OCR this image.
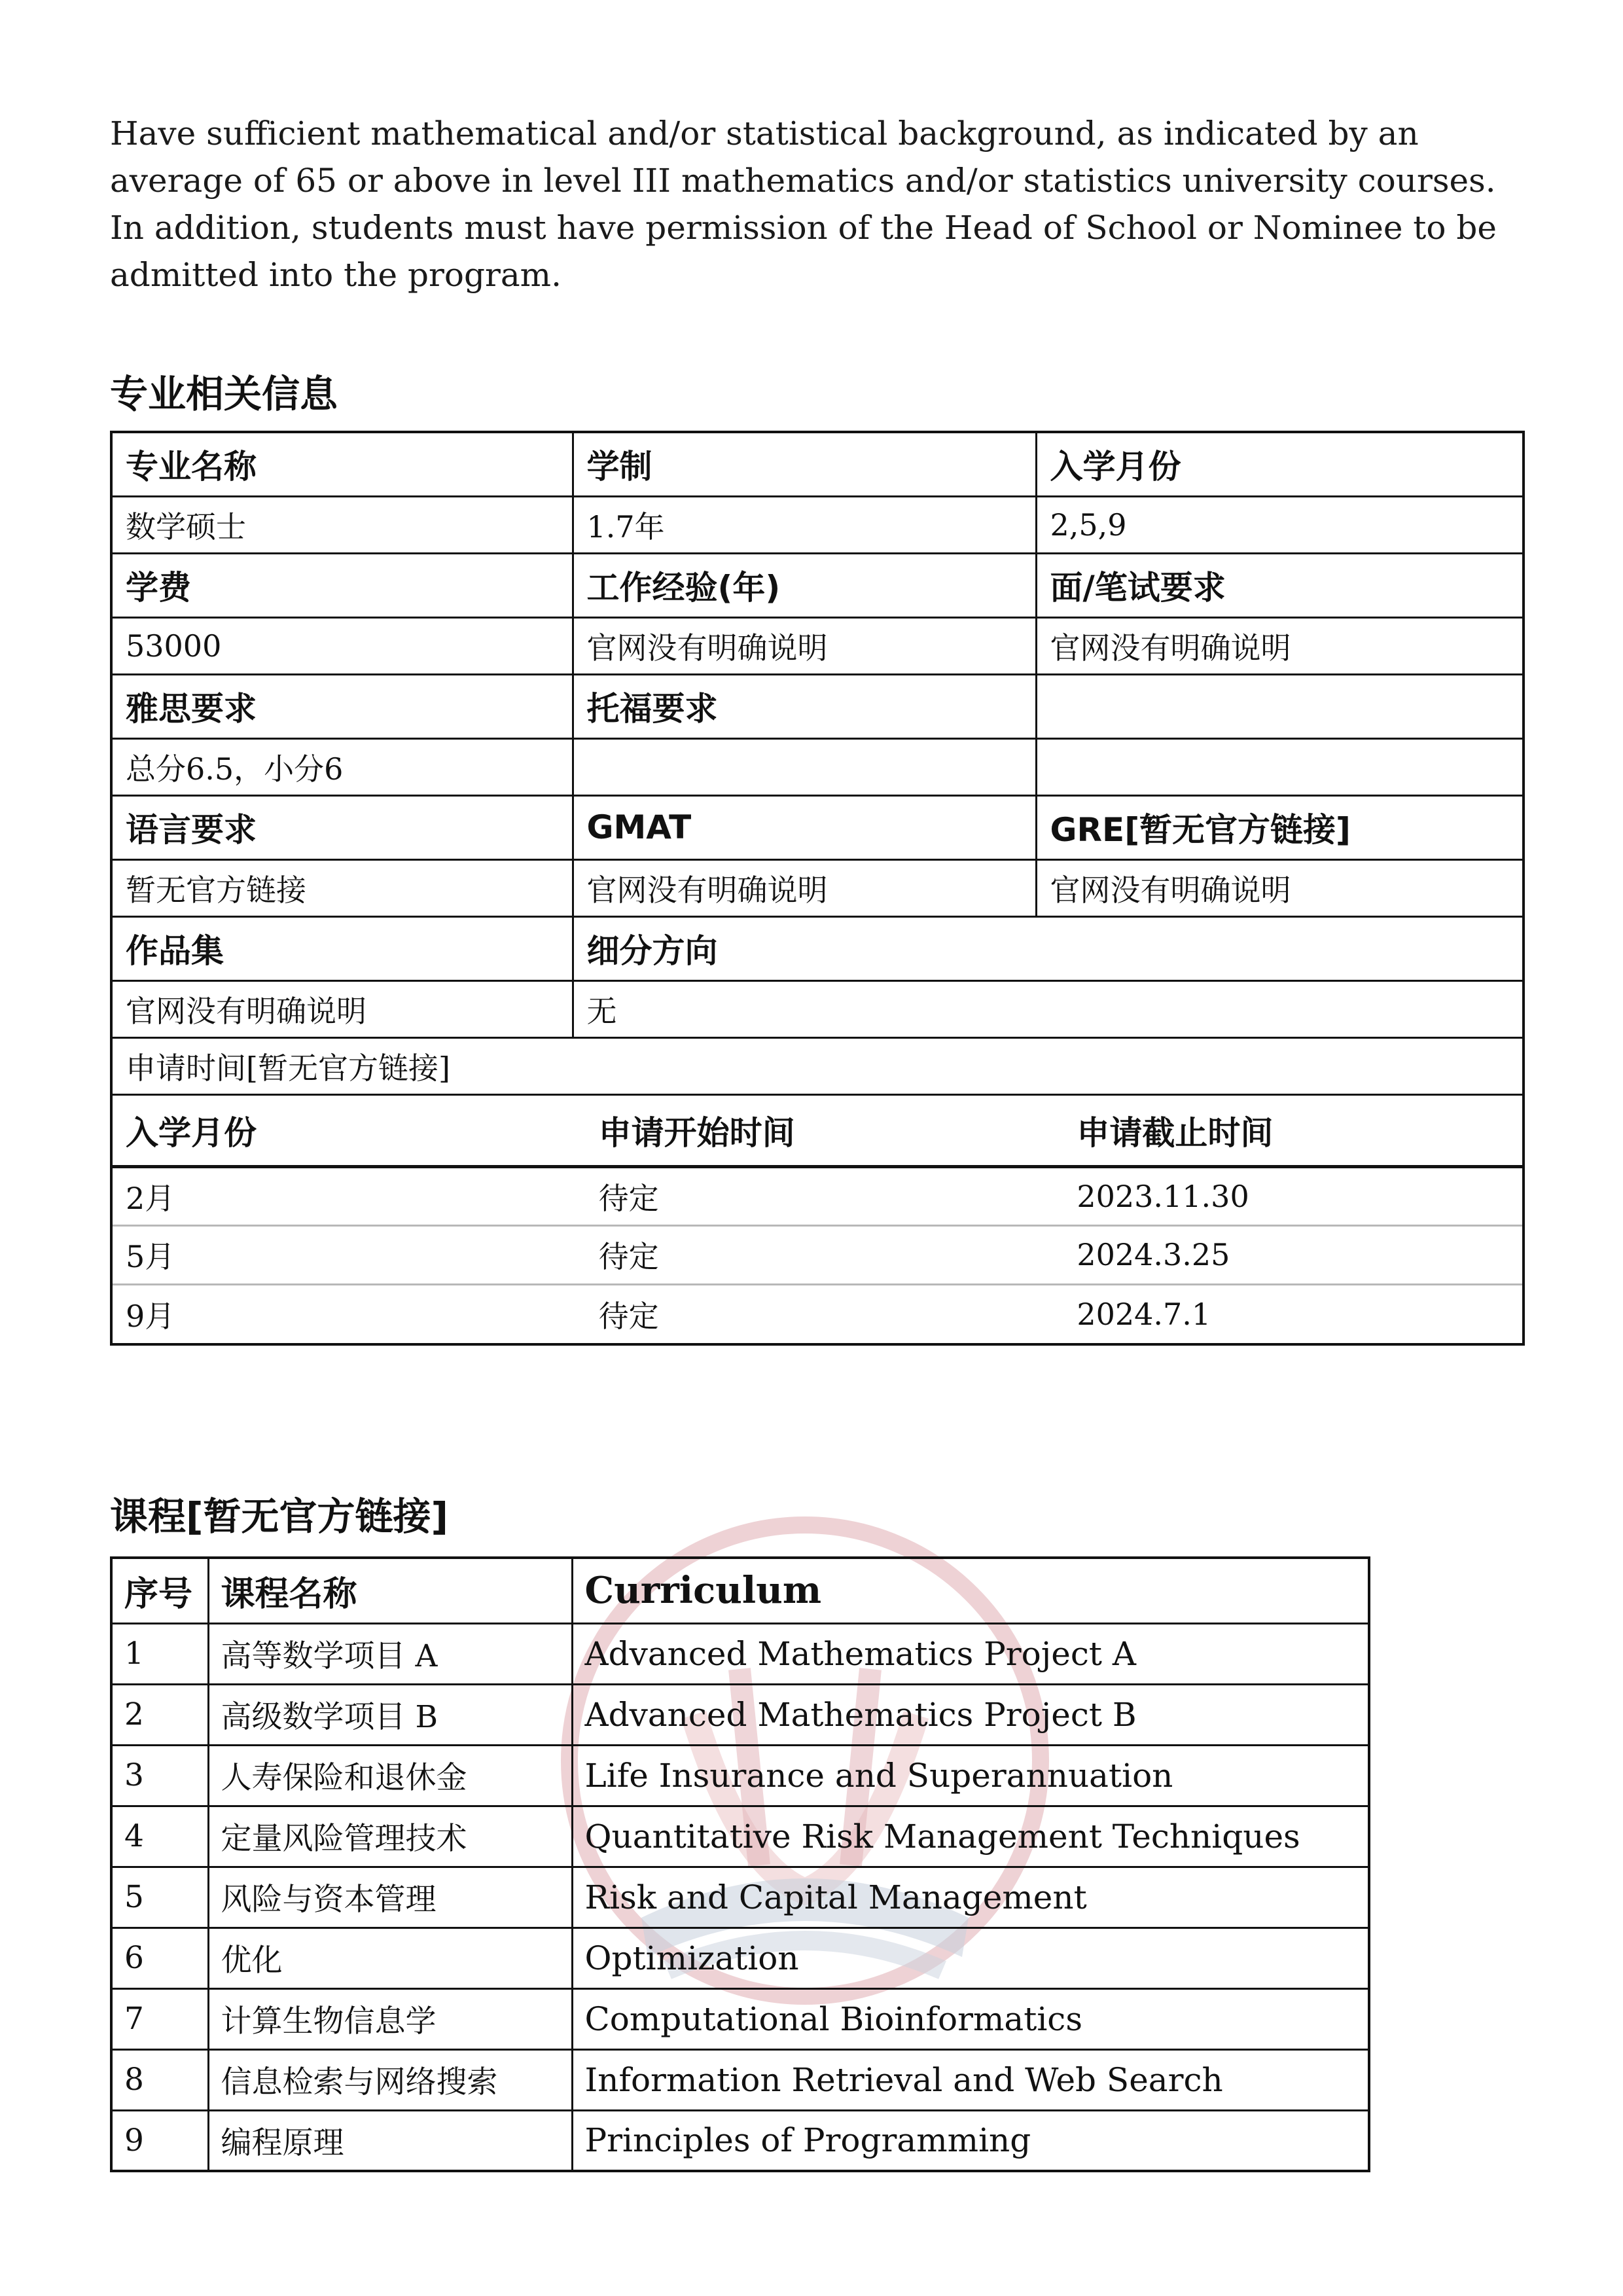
Have sufficient mathematical and/or statistical background, as indicated by an average of 65 or above in level III mathematics and/or statistics university courses.

In addition, students must have permission of the Head of School or Nominee to be admitted into the program.

专业相关信息
专业名称	学制	入学月份
数学硕士	1.7年	2,5,9
学费	工作经验(年)	面/笔试要求
53000	官网没有明确说明	官网没有明确说明
雅思要求	托福要求	
总分6.5，小分6		
语言要求	GMAT	GRE[暂无官方链接]
暂无官方链接	官网没有明确说明	官网没有明确说明
作品集	细分方向
官网没有明确说明	无
申请时间[暂无官方链接]

入学月份	申请开始时间	申请截止时间
2月	待定	2023.11.30
5月	待定	2024.3.25
9月	待定	2024.7.1
课程[暂无官方链接]
序号	课程名称	Curriculum
1	高等数学项目 A	Advanced Mathematics Project A
2	高级数学项目 B	Advanced Mathematics Project B
3	人寿保险和退休金	Life Insurance and Superannuation
4	定量风险管理技术	Quantitative Risk Management Techniques
5	风险与资本管理	Risk and Capital Management
6	优化	Optimization
7	计算生物信息学	Computational Bioinformatics
8	信息检索与网络搜索	Information Retrieval and Web Search
9	编程原理	Principles of Programming
